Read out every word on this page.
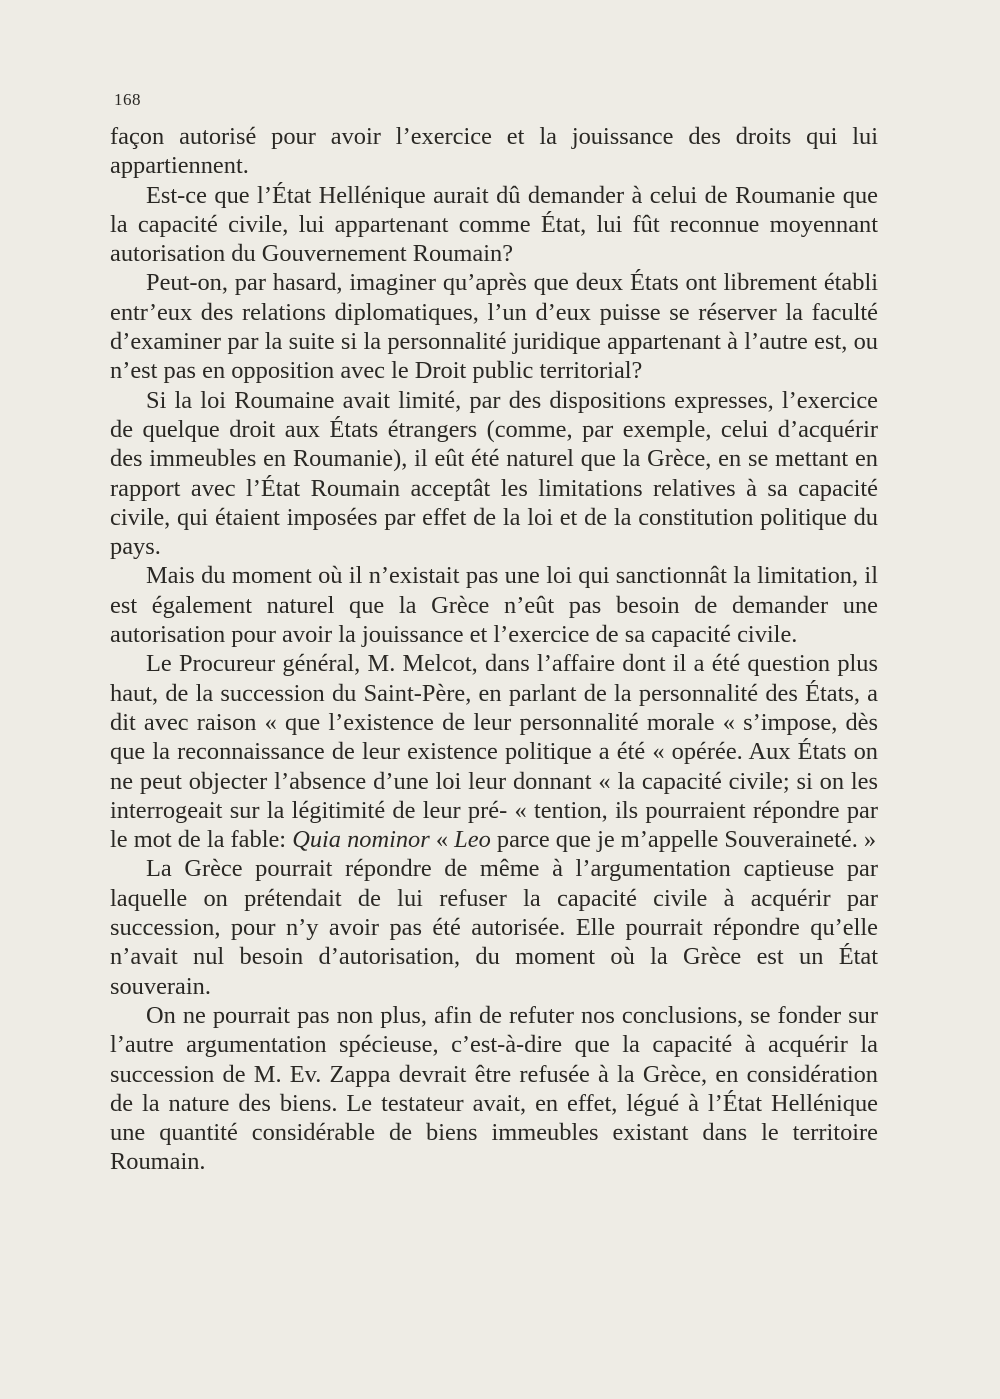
168

façon autorisé pour avoir l’exercice et la jouissance des droits qui lui appartiennent.

Est-ce que l’État Hellénique aurait dû demander à celui de Roumanie que la capacité civile, lui appartenant comme État, lui fût reconnue moyennant autorisation du Gouvernement Roumain?

Peut-on, par hasard, imaginer qu’après que deux États ont librement établi entr’eux des relations diplomatiques, l’un d’eux puisse se réserver la faculté d’examiner par la suite si la personnalité juridique appartenant à l’autre est, ou n’est pas en opposition avec le Droit public territorial?

Si la loi Roumaine avait limité, par des dispositions expresses, l’exercice de quelque droit aux États étrangers (comme, par exemple, celui d’acquérir des immeubles en Roumanie), il eût été naturel que la Grèce, en se mettant en rapport avec l’État Roumain acceptât les limitations relatives à sa capacité civile, qui étaient imposées par effet de la loi et de la constitution politique du pays.

Mais du moment où il n’existait pas une loi qui sanctionnât la limitation, il est également naturel que la Grèce n’eût pas besoin de demander une autorisation pour avoir la jouissance et l’exercice de sa capacité civile.

Le Procureur général, M. Melcot, dans l’affaire dont il a été question plus haut, de la succession du Saint-Père, en parlant de la personnalité des États, a dit avec raison « que l’existence de leur personnalité morale « s’impose, dès que la reconnaissance de leur existence politique a été « opérée. Aux États on ne peut objecter l’absence d’une loi leur donnant « la capacité civile; si on les interrogeait sur la légitimité de leur pré- « tention, ils pourraient répondre par le mot de la fable: Quia nominor « Leo parce que je m’appelle Souveraineté. »

La Grèce pourrait répondre de même à l’argumentation captieuse par laquelle on prétendait de lui refuser la capacité civile à acquérir par succession, pour n’y avoir pas été autorisée. Elle pourrait répondre qu’elle n’avait nul besoin d’autorisation, du moment où la Grèce est un État souverain.

On ne pourrait pas non plus, afin de refuter nos conclusions, se fonder sur l’autre argumentation spécieuse, c’est-à-dire que la capacité à acquérir la succession de M. Ev. Zappa devrait être refusée à la Grèce, en considération de la nature des biens. Le testateur avait, en effet, légué à l’État Hellénique une quantité considérable de biens immeubles existant dans le territoire Roumain.
